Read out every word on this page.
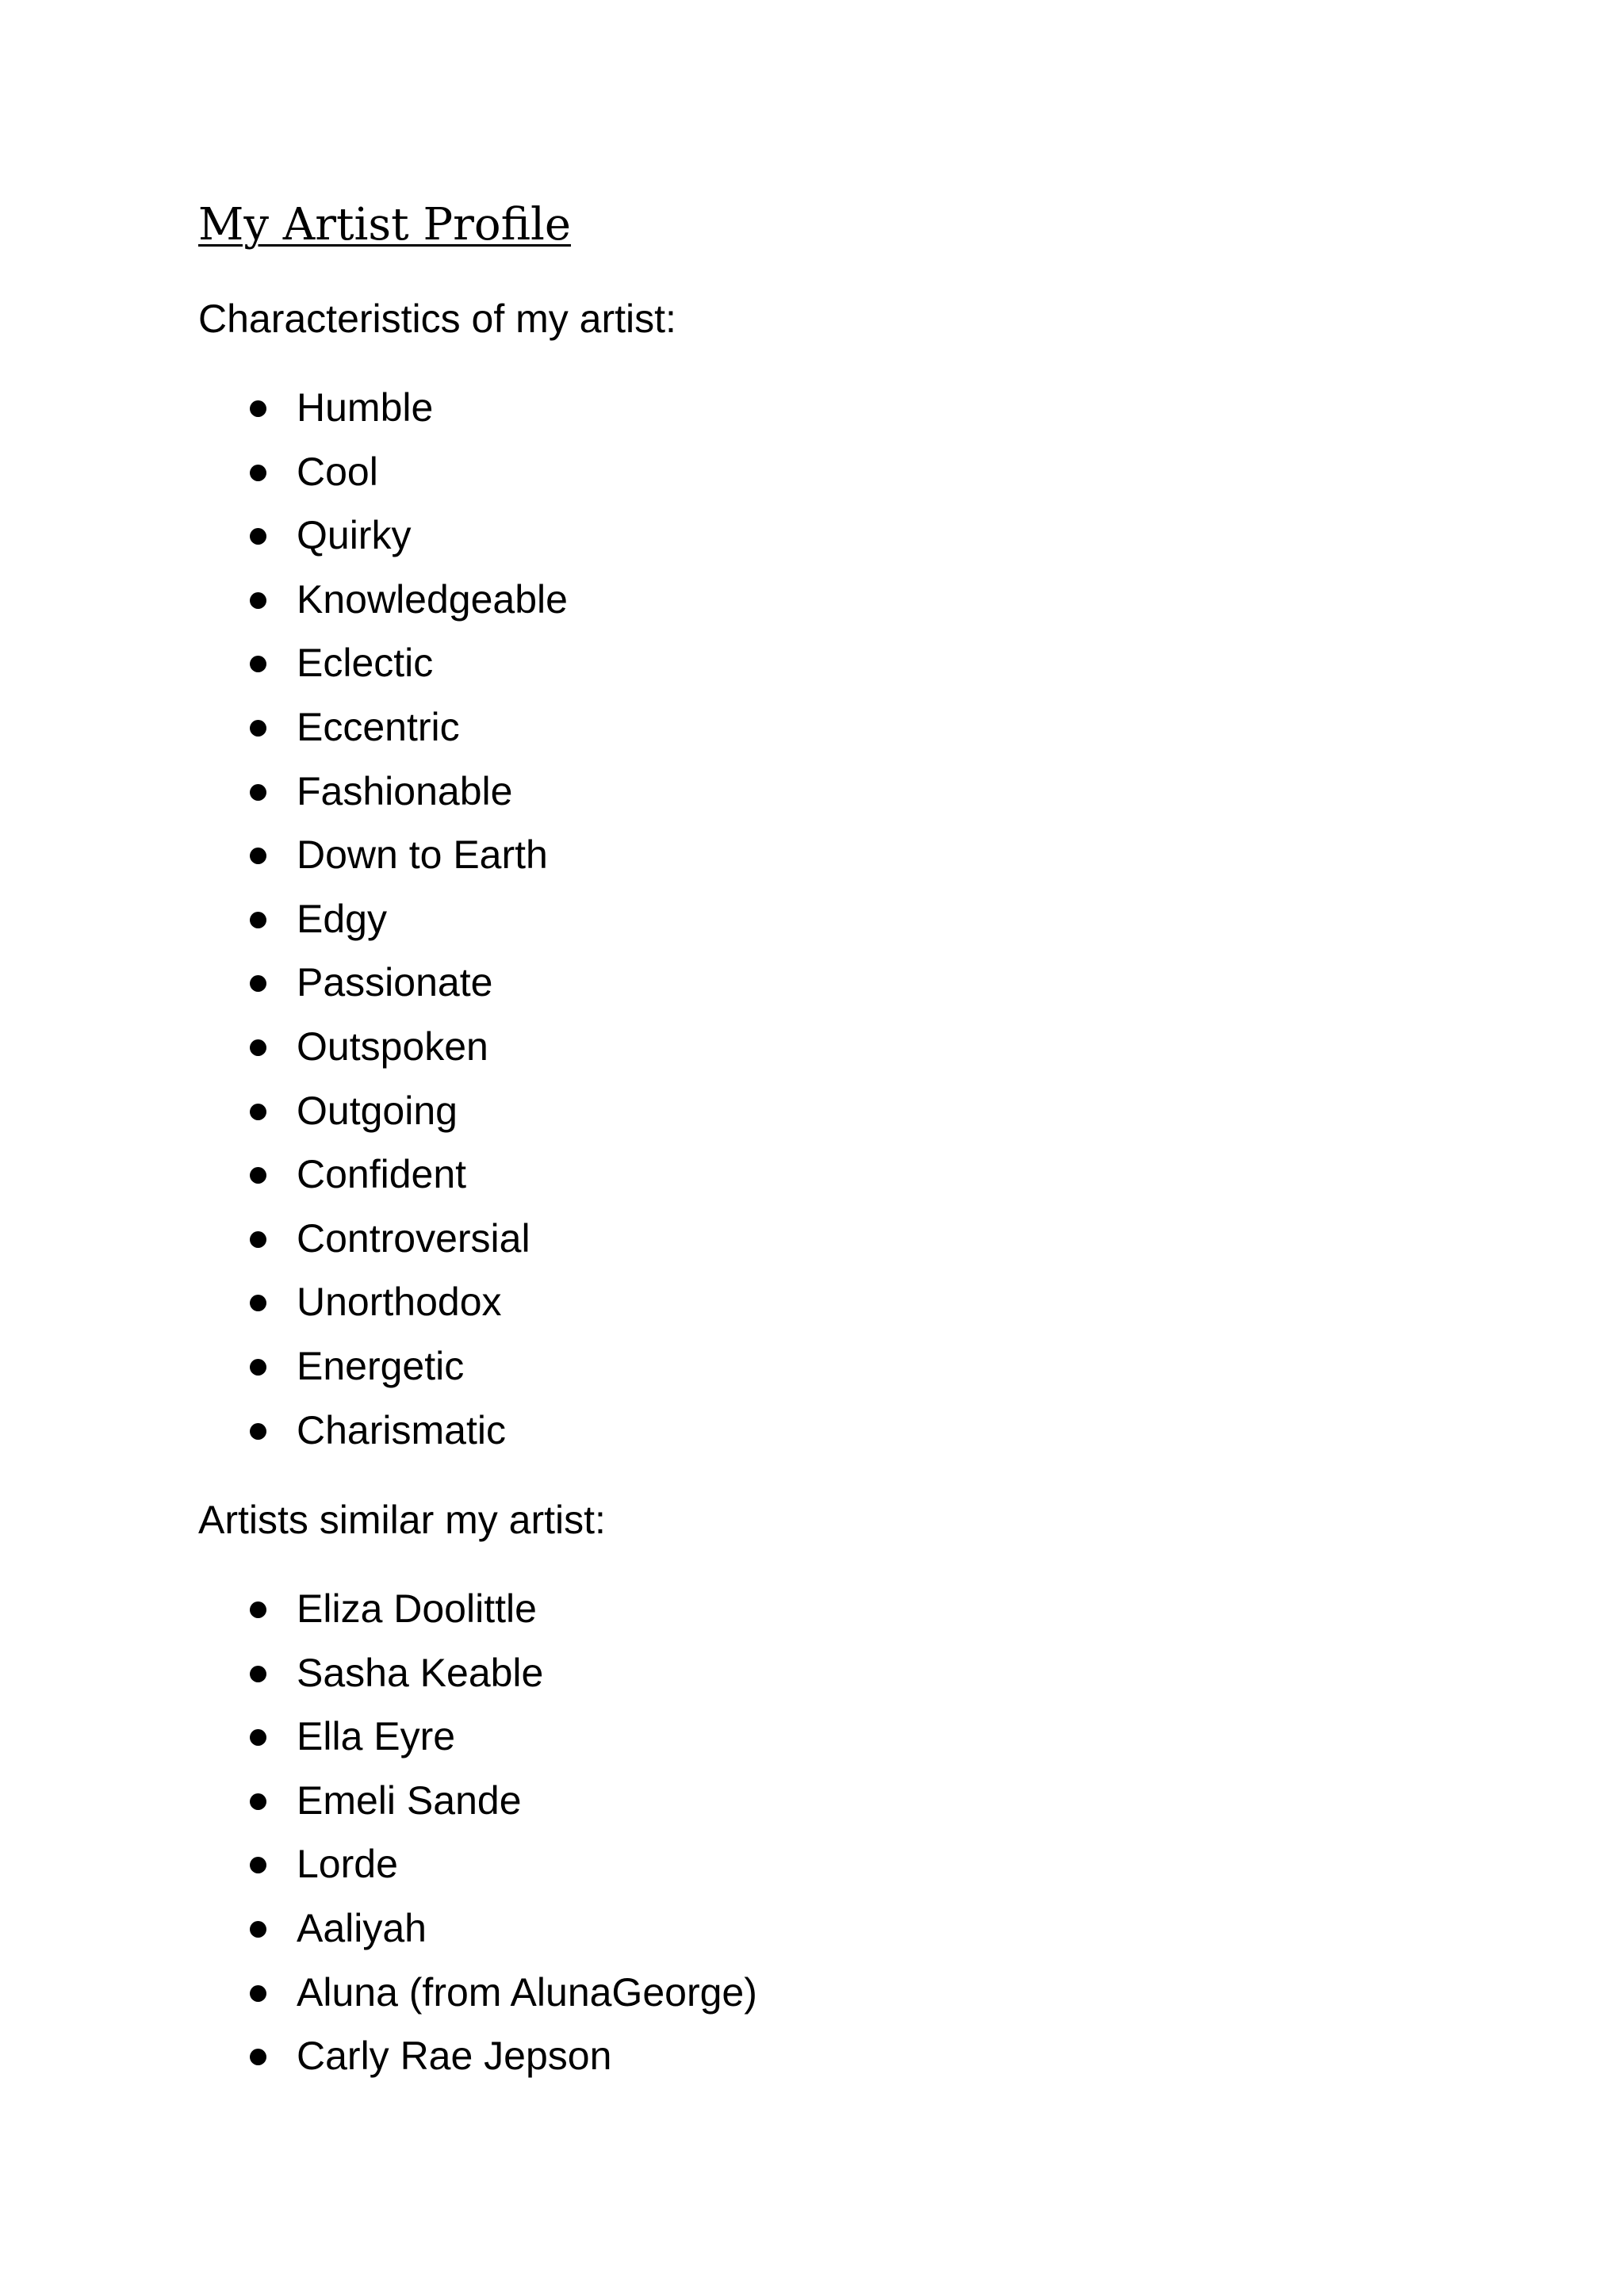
My Artist Profile

Characteristics of my artist:

Humble
Cool
Quirky
Knowledgeable
Eclectic
Eccentric
Fashionable
Down to Earth
Edgy
Passionate
Outspoken
Outgoing
Confident
Controversial
Unorthodox
Energetic
Charismatic

Artists similar my artist:

Eliza Doolittle
Sasha Keable
Ella Eyre
Emeli Sande
Lorde
Aaliyah
Aluna (from AlunaGeorge)
Carly Rae Jepson
